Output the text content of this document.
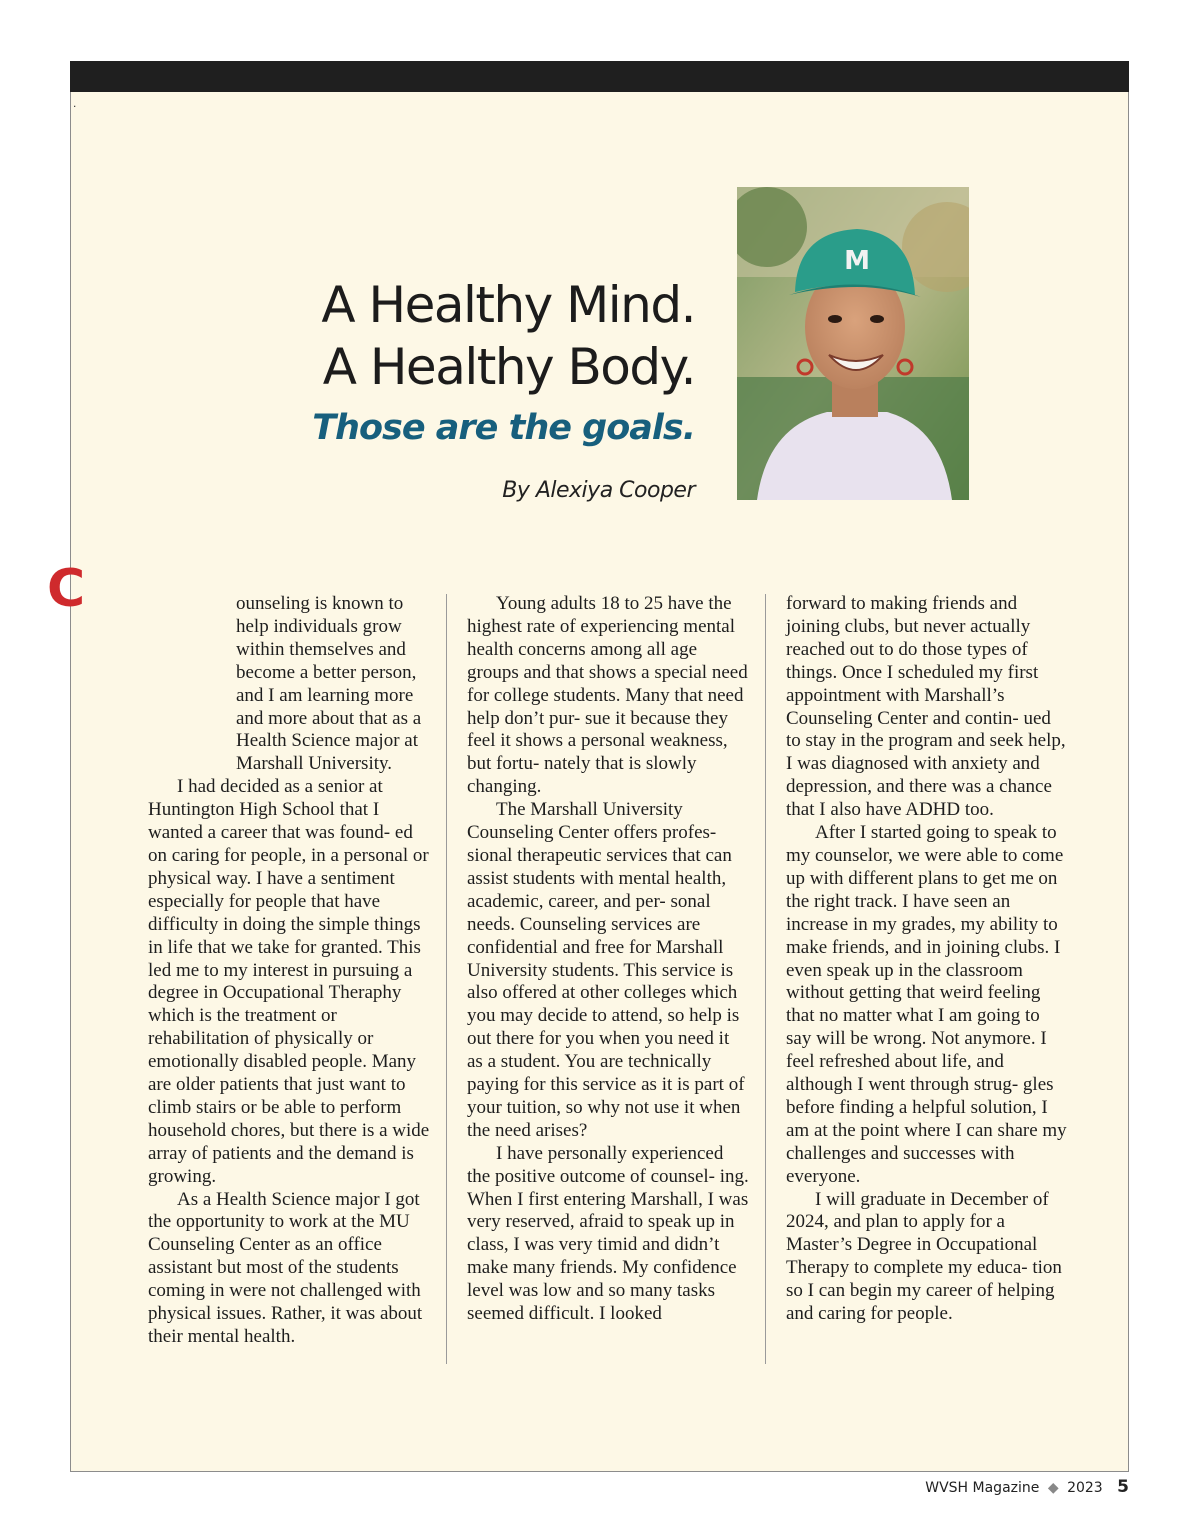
.
A Healthy Mind.
A Healthy Body.
Those are the goals.
By Alexiya Cooper
M
C	ounseling is known to help individuals grow within themselves and become a better person, and I am learning more and more about that as a Health Science major at Marshall University.

I had decided as a senior at Huntington High School that I wanted a career that was found- ed on caring for people, in a personal or physical way. I have a sentiment especially for people that have difficulty in doing the simple things in life that we take for granted. This led me to my interest in pursuing a degree in Occupational Theraphy which is the treatment or rehabilitation of physically or emotionally disabled people. Many are older patients that just want to climb stairs or be able to perform household chores, but there is a wide array of patients and the demand is growing.

As a Health Science major I got the opportunity to work at the MU Counseling Center as an office assistant but most of the students coming in were not challenged with physical issues. Rather, it was about their mental health.

Young adults 18 to 25 have the highest rate of experiencing mental health concerns among all age groups and that shows a special need for college students. Many that need help don’t pur- sue it because they feel it shows a personal weakness, but fortu- nately that is slowly changing.

The Marshall University Counseling Center offers profes- sional therapeutic services that can assist students with mental health, academic, career, and per- sonal needs. Counseling services are confidential and free for Marshall University students. This service is also offered at other colleges which you may decide to attend, so help is out there for you when you need it as a student. You are technically paying for this service as it is part of your tuition, so why not use it when the need arises?

I have personally experienced the positive outcome of counsel- ing. When I first entering Marshall, I was very reserved, afraid to speak up in class, I was very timid and didn’t make many friends. My confidence level was low and so many tasks seemed difficult. I looked

forward to making friends and joining clubs, but never actually reached out to do those types of things. Once I scheduled my first appointment with Marshall’s Counseling Center and contin- ued to stay in the program and seek help, I was diagnosed with anxiety and depression, and there was a chance that I also have ADHD too.

After I started going to speak to my counselor, we were able to come up with different plans to get me on the right track. I have seen an increase in my grades, my ability to make friends, and in joining clubs. I even speak up in the classroom without getting that weird feeling that no matter what I am going to say will be wrong. Not anymore. I feel refreshed about life, and although I went through strug- gles before finding a helpful solution, I am at the point where I can share my challenges and successes with everyone.

I will graduate in December of 2024, and plan to apply for a Master’s Degree in Occupational Therapy to complete my educa- tion so I can begin my career of helping and caring for people.

WVSH Magazine ◆ 2023 5
